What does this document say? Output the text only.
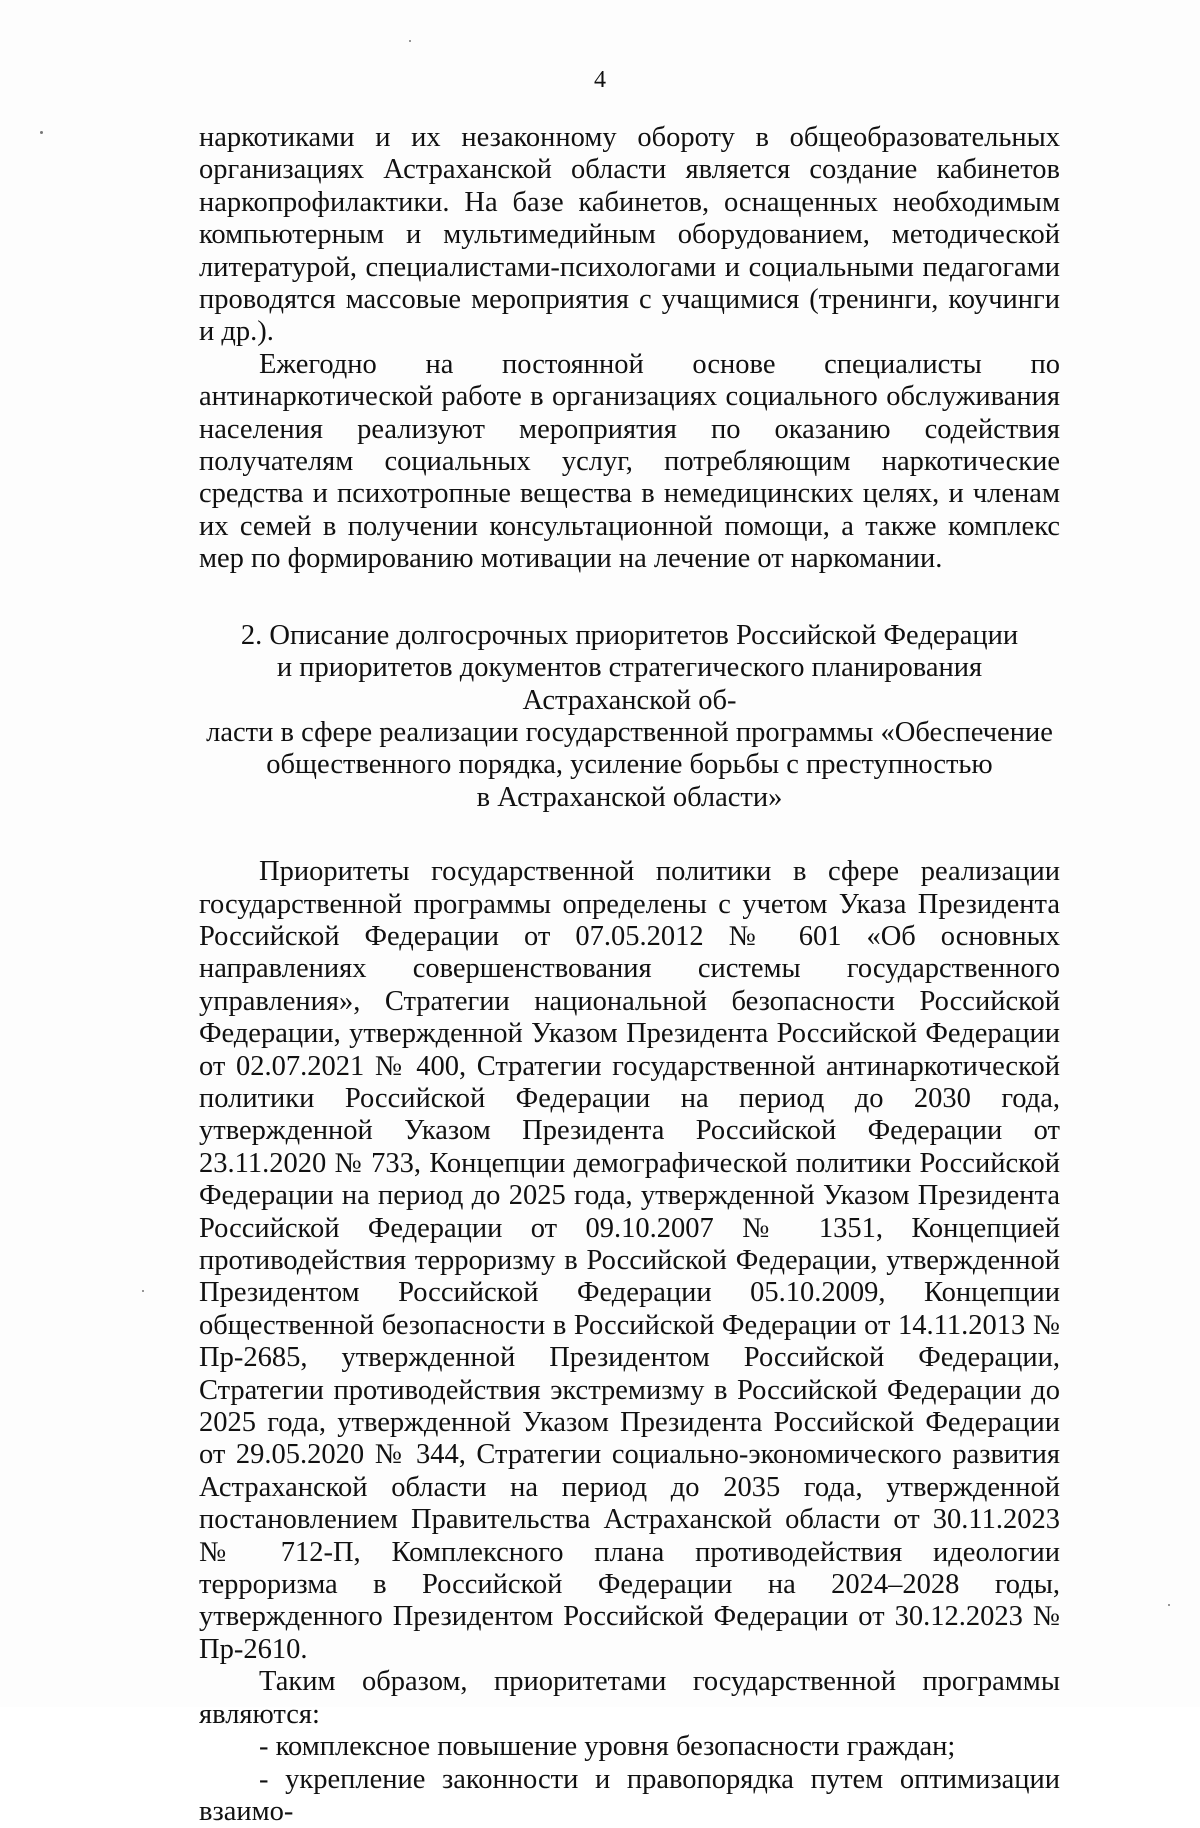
4

наркотиками и их незаконному обороту в общеобразовательных организациях Астраханской области является создание кабинетов наркопрофилактики. На базе кабинетов, оснащенных необходимым компьютерным и мультимедийным оборудованием, методической литературой, специалистами-психологами и социальными педагогами проводятся массовые мероприятия с учащимися (тренинги, коучинги и др.).

Ежегодно на постоянной основе специалисты по антинаркотической работе в организациях социального обслуживания населения реализуют мероприятия по оказанию содействия получателям социальных услуг, потребляющим наркотические средства и психотропные вещества в немедицинских целях, и членам их семей в получении консультационной помощи, а также комплекс мер по формированию мотивации на лечение от наркомании.

2. Описание долгосрочных приоритетов Российской Федерации
и приоритетов документов стратегического планирования Астраханской об-
ласти в сфере реализации государственной программы «Обеспечение
общественного порядка, усиление борьбы с преступностью
в Астраханской области»

Приоритеты государственной политики в сфере реализации государственной программы определены с учетом Указа Президента Российской Федерации от 07.05.2012 № 601 «Об основных направлениях совершенствования системы государственного управления», Стратегии национальной безопасности Российской Федерации, утвержденной Указом Президента Российской Федерации от 02.07.2021 № 400, Стратегии государственной антинаркотической политики Российской Федерации на период до 2030 года, утвержденной Указом Президента Российской Федерации от 23.11.2020 № 733, Концепции демографической политики Российской Федерации на период до 2025 года, утвержденной Указом Президента Российской Федерации от 09.10.2007 № 1351, Концепцией противодействия терроризму в Российской Федерации, утвержденной Президентом Российской Федерации 05.10.2009, Концепции общественной безопасности в Российской Федерации от 14.11.2013 № Пр-2685, утвержденной Президентом Российской Федерации, Стратегии противодействия экстремизму в Российской Федерации до 2025 года, утвержденной Указом Президента Российской Федерации от 29.05.2020 № 344, Стратегии социально-экономического развития Астраханской области на период до 2035 года, утвержденной постановлением Правительства Астраханской области от 30.11.2023 № 712-П, Комплексного плана противодействия идеологии терроризма в Российской Федерации на 2024–2028 годы, утвержденного Президентом Российской Федерации от 30.12.2023 № Пр-2610.

Таким образом, приоритетами государственной программы являются:

- комплексное повышение уровня безопасности граждан;

- укрепление законности и правопорядка путем оптимизации взаимо-
